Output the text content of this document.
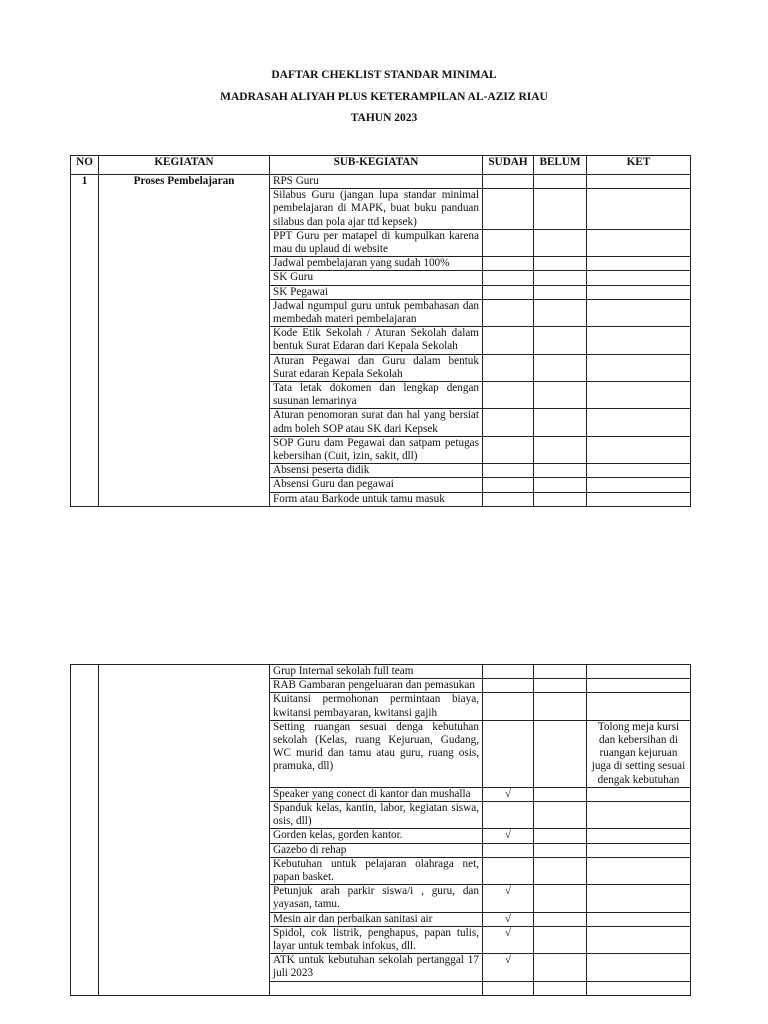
DAFTAR CHEKLIST STANDAR MINIMAL
MADRASAH ALIYAH PLUS KETERAMPILAN AL-AZIZ RIAU
TAHUN 2023
NO	KEGIATAN	SUB-KEGIATAN	SUDAH	BELUM	KET
1	Proses Pembelajaran	RPS Guru			
		Silabus Guru (jangan lupa standar minimal pembelajaran di MAPK, buat buku panduan silabus dan pola ajar ttd kepsek)			
		PPT Guru per matapel di kumpulkan karena mau du uplaud di website			
		Jadwal pembelajaran yang sudah 100%			
		SK Guru			
		SK Pegawai			
		Jadwal ngumpul guru untuk pembahasan dan membedah materi pembelajaran			
		Kode Etik Sekolah / Aturan Sekolah dalam bentuk Surat Edaran dari Kepala Sekolah			
		Aturan Pegawai dan Guru dalam bentuk Surat edaran Kepala Sekolah			
		Tata letak dokomen dan lengkap dengan susunan lemarinya			
		Aturan penomoran surat dan hal yang bersiat adm boleh SOP atau SK dari Kepsek			
		SOP Guru dam Pegawai dan satpam petugas kebersihan (Cuit, izin, sakit, dll)			
		Absensi peserta didik			
		Absensi Guru dan pegawai			
		Form atau Barkode untuk tamu masuk			
		Grup Internal sekolah full team			
		RAB Gambaran pengeluaran dan pemasukan			
		Kuitansi permohonan permintaan biaya, kwitansi pembayaran, kwitansi gajih			
		Setting ruangan sesuai denga kebutuhan sekolah (Kelas, ruang Kejuruan, Gudang, WC murid dan tamu atau guru, ruang osis, pramuka, dll)			Tolong meja kursi dan kebersihan di ruangan kejuruan juga di setting sesuai dengak kebutuhan
		Speaker yang conect di kantor dan mushalla	√		
		Spanduk kelas, kantin, labor, kegiatan siswa, osis, dll)			
		Gorden kelas, gorden kantor.	√		
		Gazebo di rehap			
		Kebutuhan untuk pelajaran olahraga net, papan basket.			
		Petunjuk arah parkir siswa/i , guru, dan yayasan, tamu.	√		
		Mesin air dan perbaikan sanitasi air	√		
		Spidol, cok listrik, penghapus, papan tulis, layar untuk tembak infokus, dll.	√		
		ATK untuk kebutuhan sekolah pertanggal 17 juli 2023	√		
